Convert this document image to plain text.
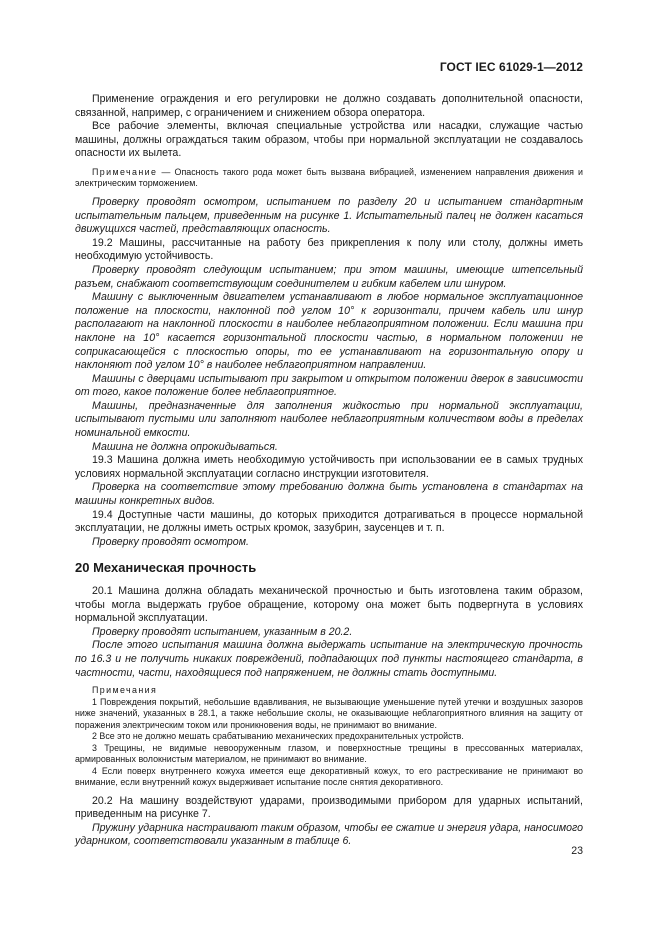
ГОСТ IEC 61029-1—2012

Применение ограждения и его регулировки не должно создавать дополнительной опасности, связанной, например, с ограничением и снижением обзора оператора.

Все рабочие элементы, включая специальные устройства или насадки, служащие частью машины, должны ограждаться таким образом, чтобы при нормальной эксплуатации не создавалось опасности их вылета.

Примечание — Опасность такого рода может быть вызвана вибрацией, изменением направления движения и электрическим торможением.

Проверку проводят осмотром, испытанием по разделу 20 и испытанием стандартным испытательным пальцем, приведенным на рисунке 1. Испытательный палец не должен касаться движущихся частей, представляющих опасность.

19.2 Машины, рассчитанные на работу без прикрепления к полу или столу, должны иметь необходимую устойчивость.

Проверку проводят следующим испытанием; при этом машины, имеющие штепсельный разъем, снабжают соответствующим соединителем и гибким кабелем или шнуром.

Машину с выключенным двигателем устанавливают в любое нормальное эксплуатационное положение на плоскости, наклонной под углом 10° к горизонтали, причем кабель или шнур располагают на наклонной плоскости в наиболее неблагоприятном положении. Если машина при наклоне на 10° касается горизонтальной плоскости частью, в нормальном положении не соприкасающейся с плоскостью опоры, то ее устанавливают на горизонтальную опору и наклоняют под углом 10° в наиболее неблагоприятном направлении.

Машины с дверцами испытывают при закрытом и открытом положении дверок в зависимости от того, какое положение более неблагоприятное.

Машины, предназначенные для заполнения жидкостью при нормальной эксплуатации, испытывают пустыми или заполняют наиболее неблагоприятным количеством воды в пределах номинальной емкости.

Машина не должна опрокидываться.

19.3 Машина должна иметь необходимую устойчивость при использовании ее в самых трудных условиях нормальной эксплуатации согласно инструкции изготовителя.

Проверка на соответствие этому требованию должна быть установлена в стандартах на машины конкретных видов.

19.4 Доступные части машины, до которых приходится дотрагиваться в процессе нормальной эксплуатации, не должны иметь острых кромок, зазубрин, заусенцев и т. п.

Проверку проводят осмотром.

20 Механическая прочность

20.1 Машина должна обладать механической прочностью и быть изготовлена таким образом, чтобы могла выдержать грубое обращение, которому она может быть подвергнута в условиях нормальной эксплуатации.

Проверку проводят испытанием, указанным в 20.2.

После этого испытания машина должна выдержать испытание на электрическую прочность по 16.3 и не получить никаких повреждений, подпадающих под пункты настоящего стандарта, в частности, части, находящиеся под напряжением, не должны стать доступными.

Примечания

1 Повреждения покрытий, небольшие вдавливания, не вызывающие уменьшение путей утечки и воздушных зазоров ниже значений, указанных в 28.1, а также небольшие сколы, не оказывающие неблагоприятного влияния на защиту от поражения электрическим током или проникновения воды, не принимают во внимание.

2 Все это не должно мешать срабатыванию механических предохранительных устройств.

3 Трещины, не видимые невооруженным глазом, и поверхностные трещины в прессованных материалах, армированных волокнистым материалом, не принимают во внимание.

4 Если поверх внутреннего кожуха имеется еще декоративный кожух, то его растрескивание не принимают во внимание, если внутренний кожух выдерживает испытание после снятия декоративного.

20.2 На машину воздействуют ударами, производимыми прибором для ударных испытаний, приведенным на рисунке 7.

Пружину ударника настраивают таким образом, чтобы ее сжатие и энергия удара, наносимого ударником, соответствовали указанным в таблице 6.

23
